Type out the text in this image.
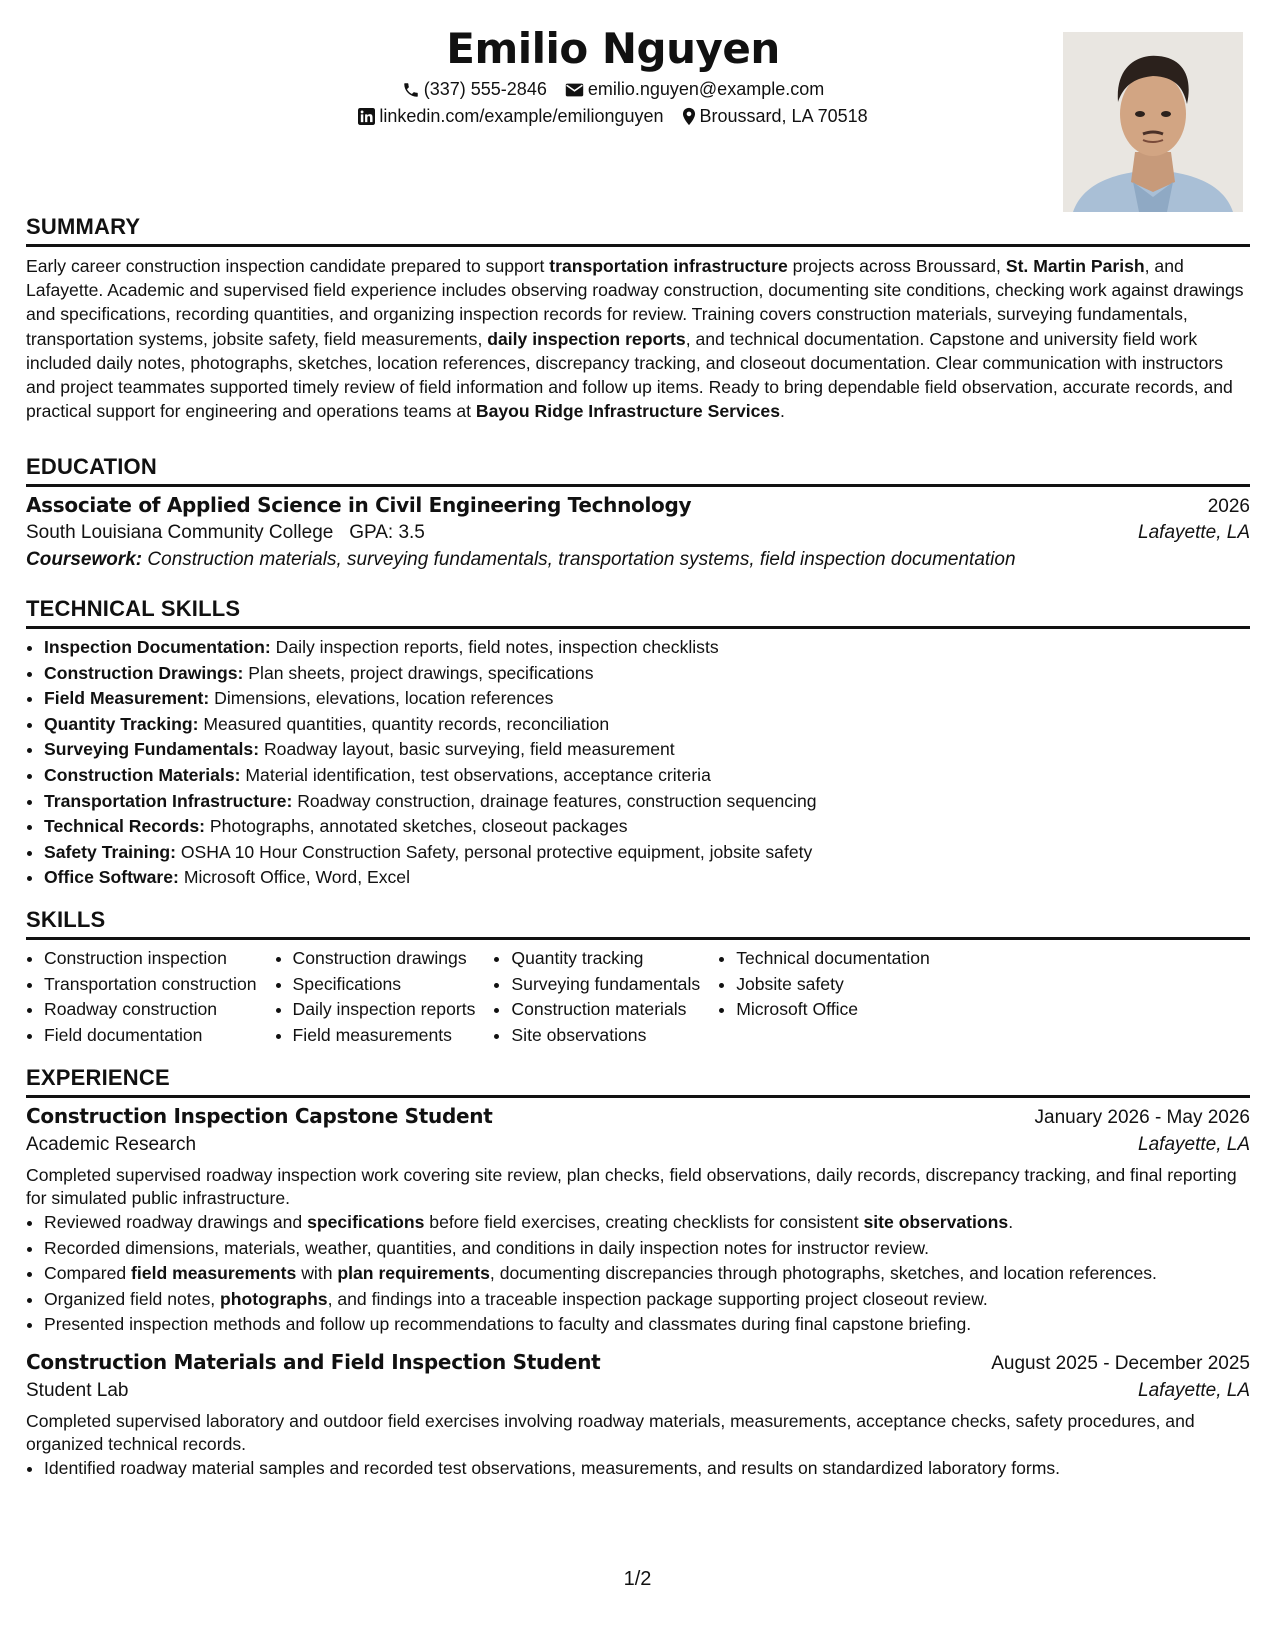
Emilio Nguyen
(337) 555-2846 emilio.nguyen@example.com
linkedin.com/example/emilionguyen Broussard, LA 70518
SUMMARY
Early career construction inspection candidate prepared to support transportation infrastructure projects across Broussard, St. Martin Parish, and Lafayette. Academic and supervised field experience includes observing roadway construction, documenting site conditions, checking work against drawings and specifications, recording quantities, and organizing inspection records for review. Training covers construction materials, surveying fundamentals, transportation systems, jobsite safety, field measurements, daily inspection reports, and technical documentation. Capstone and university field work included daily notes, photographs, sketches, location references, discrepancy tracking, and closeout documentation. Clear communication with instructors and project teammates supported timely review of field information and follow up items. Ready to bring dependable field observation, accurate records, and practical support for engineering and operations teams at Bayou Ridge Infrastructure Services.
EDUCATION
Associate of Applied Science in Civil Engineering Technology	2026
South Louisiana Community College GPA: 3.5	Lafayette, LA
Coursework: Construction materials, surveying fundamentals, transportation systems, field inspection documentation
TECHNICAL SKILLS
• Inspection Documentation: Daily inspection reports, field notes, inspection checklists
• Construction Drawings: Plan sheets, project drawings, specifications
• Field Measurement: Dimensions, elevations, location references
• Quantity Tracking: Measured quantities, quantity records, reconciliation
• Surveying Fundamentals: Roadway layout, basic surveying, field measurement
• Construction Materials: Material identification, test observations, acceptance criteria
• Transportation Infrastructure: Roadway construction, drainage features, construction sequencing
• Technical Records: Photographs, annotated sketches, closeout packages
• Safety Training: OSHA 10 Hour Construction Safety, personal protective equipment, jobsite safety
• Office Software: Microsoft Office, Word, Excel
SKILLS
• Construction inspection
• Transportation construction
• Roadway construction
• Field documentation
• Construction drawings
• Specifications
• Daily inspection reports
• Field measurements
• Quantity tracking
• Surveying fundamentals
• Construction materials
• Site observations
• Technical documentation
• Jobsite safety
• Microsoft Office
EXPERIENCE
Construction Inspection Capstone Student	January 2026 - May 2026
Academic Research	Lafayette, LA
Completed supervised roadway inspection work covering site review, plan checks, field observations, daily records, discrepancy tracking, and final reporting for simulated public infrastructure.
• Reviewed roadway drawings and specifications before field exercises, creating checklists for consistent site observations.
• Recorded dimensions, materials, weather, quantities, and conditions in daily inspection notes for instructor review.
• Compared field measurements with plan requirements, documenting discrepancies through photographs, sketches, and location references.
• Organized field notes, photographs, and findings into a traceable inspection package supporting project closeout review.
• Presented inspection methods and follow up recommendations to faculty and classmates during final capstone briefing.
Construction Materials and Field Inspection Student	August 2025 - December 2025
Student Lab	Lafayette, LA
Completed supervised laboratory and outdoor field exercises involving roadway materials, measurements, acceptance checks, safety procedures, and organized technical records.
• Identified roadway material samples and recorded test observations, measurements, and results on standardized laboratory forms.
1/2
